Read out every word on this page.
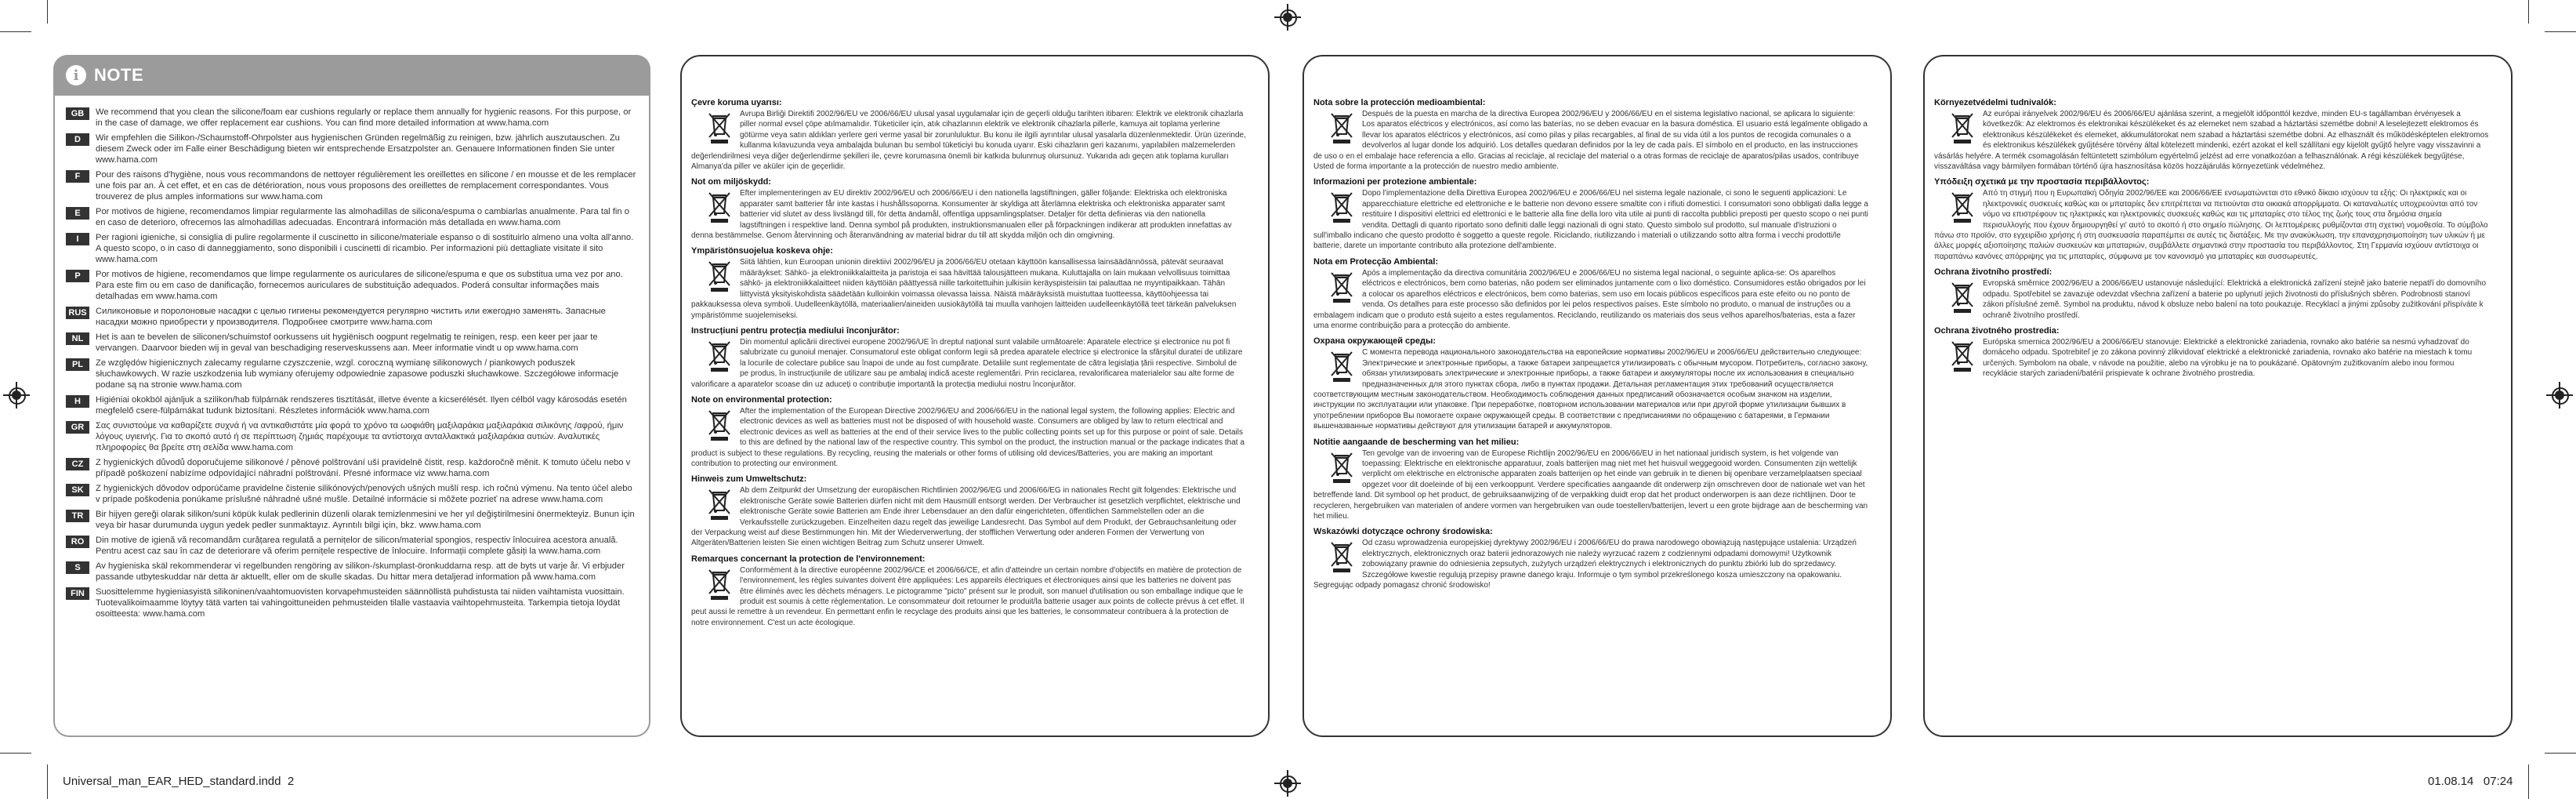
i NOTE
GB	We recommend that you clean the silicone/foam ear cushions regularly or replace them annually for hygienic reasons. For this purpose, or in the case of damage, we offer replacement ear cushions. You can find more detailed information at www.hama.com
D	Wir empfehlen die Silikon-/Schaumstoff-Ohrpolster aus hygienischen Gründen regelmäßig zu reinigen, bzw. jährlich auszutauschen. Zu diesem Zweck oder im Falle einer Beschädigung bieten wir entsprechende Ersatzpolster an. Genauere Informationen finden Sie unter www.hama.com
F	Pour des raisons d'hygiène, nous vous recommandons de nettoyer régulièrement les oreillettes en silicone / en mousse et de les remplacer une fois par an. À cet effet, et en cas de détérioration, nous vous proposons des oreillettes de remplacement correspondantes. Vous trouverez de plus amples informations sur www.hama.com
E	Por motivos de higiene, recomendamos limpiar regularmente las almohadillas de silicona/espuma o cambiarlas anualmente. Para tal fin o en caso de deterioro, ofrecemos las almohadillas adecuadas. Encontrará información más detallada en www.hama.com
I	Per ragioni igieniche, si consiglia di pulire regolarmente il cuscinetto in silicone/materiale espanso o di sostituirlo almeno una volta all'anno. A questo scopo, o in caso di danneggiamento, sono disponibili i cuscinetti di ricambio. Per informazioni più dettagliate visitate il sito www.hama.com
P	Por motivos de higiene, recomendamos que limpe regularmente os auriculares de silicone/espuma e que os substitua uma vez por ano. Para este fim ou em caso de danificação, fornecemos auriculares de substituição adequados. Poderá consultar informações mais detalhadas em www.hama.com
RUS	Силиконовые и поролоновые насадки с целью гигиены рекомендуется регулярно чистить или ежегодно заменять. Запасные насадки можно приобрести у производителя. Подробнее смотрите www.hama.com
NL	Het is aan te bevelen de siliconen/schuimstof oorkussens uit hygiënisch oogpunt regelmatig te reinigen, resp. een keer per jaar te vervangen. Daarvoor bieden wij in geval van beschadiging reserveskussens aan. Meer informatie vindt u op www.hama.com
PL	Ze względów higienicznych zalecamy regularne czyszczenie, wzgl. coroczną wymianę silikonowych / piankowych poduszek słuchawkowych. W razie uszkodzenia lub wymiany oferujemy odpowiednie zapasowe poduszki słuchawkowe. Szczegółowe informacje podane są na stronie www.hama.com
H	Higiéniai okokból ajánljuk a szilikon/hab fülpárnák rendszeres tisztítását, illetve évente a kicserélését. Ilyen célból vagy károsodás esetén megfelelő csere-fülpárnákat tudunk biztosítani. Részletes információk www.hama.com
GR	Σας συνιστούμε να καθαρίζετε συχνά ή να αντικαθιστάτε μία φορά το χρόνο τα ωοφιάθη μαξιλαράκια μαξιλαράκια σιλικόνης /αφρού, ήμιν λόγους υγιεινής. Για το σκοπό αυτό ή σε περίπτωση ζημιάς παρέχουμε τα αντίστοιχα ανταλλακτικά μαξιλαράκια αυτιών. Αναλυτικές πληροφορίες θα βρείτε στη σελίδα www.hama.com
CZ	Z hygienických důvodů doporučujeme silikonové / pěnové polštrování uší pravidelně čistit, resp. každoročně měnit. K tomuto účelu nebo v případě poškození nabízíme odpovídající náhradní polštrování. Přesné informace viz www.hama.com
SK	Z hygienických dôvodov odporúčame pravidelne čistenie silikónových/penových ušných mušlí resp. ich ročnú výmenu. Na tento účel alebo v prípade poškodenia ponúkame príslušné náhradné ušné mušle. Detailné informácie si môžete pozrieť na adrese www.hama.com
TR	Bir hijyen gereği olarak silikon/suni köpük kulak pedlerinin düzenli olarak temizlenmesini ve her yıl değiştirilmesini önermekteyiz. Bunun için veya bir hasar durumunda uygun yedek pedler sunmaktayız. Ayrıntılı bilgi için, bkz. www.hama.com
RO	Din motive de igienă vă recomandăm curățarea regulată a pernițelor de silicon/material spongios, respectiv înlocuirea acestora anuală. Pentru acest caz sau în caz de deteriorare vă oferim pernițele respective de înlocuire. Informații complete găsiți la www.hama.com
S	Av hygieniska skäl rekommenderar vi regelbunden rengöring av silikon-/skumplast-öronkuddarna resp. att de byts ut varje år. Vi erbjuder passande utbyteskuddar när detta är aktuellt, eller om de skulle skadas. Du hittar mera detaljerad information på www.hama.com
FIN	Suosittelemme hygieniasyistä silikoninen/vaahtomuovisten korvapehmusteiden säännöllistä puhdistusta tai niiden vaihtamista vuosittain. Tuotevalikoimaamme löytyy tätä varten tai vahingoittuneiden pehmusteiden tilalle vastaavia vaihtopehmusteita. Tarkempia tietoja löydät osoitteesta: www.hama.com
Çevre koruma uyarısı:
Avrupa Birliği Direktifi 2002/96/EU ve 2006/66/EU ulusal yasal uygulamalar için de geçerli olduğu tarihten itibaren: Elektrik ve elektronik cihazlarla piller normal evsel çöpe atılmamalıdır. Tüketiciler için, atık cihazlarının elektrik ve elektronik cihazlarla pillerle, kamuya ait toplama yerlerine götürme veya satın aldıkları yerlere geri verme yasal bir zorunluluktur. Bu konu ile ilgili ayrıntılar ulusal yasalarla düzenlenmektedir. Ürün üzerinde, kullanma kılavuzunda veya ambalajda bulunan bu sembol tüketiciyi bu konuda uyarır. Eski cihazların geri kazanımı, yapılabilen malzemelerden değerlendirilmesi veya diğer değerlendirme şekilleri ile, çevre korumasına önemli bir katkıda bulunmuş olursunuz. Yukarıda adı geçen atık toplama kurulları Almanya'da piller ve aküler için de geçerlidir.
Not om miljöskydd:
Efter implementeringen av EU direktiv 2002/96/EU och 2006/66/EU i den nationella lagstiftningen, gäller följande: Elektriska och elektroniska apparater samt batterier får inte kastas i hushållssoporna. Konsumenter är skyldiga att återlämna elektriska och elektroniska apparater samt batterier vid slutet av dess livslängd till, för detta ändamål, offentliga uppsamlingsplatser. Detaljer för detta definieras via den nationella lagstiftningen i respektive land. Denna symbol på produkten, instruktionsmanualen eller på förpackningen indikerar att produkten innefattas av denna bestämmelse. Genom återvinning och återanvändning av material bidrar du till att skydda miljön och din omgivning.
Ympäristönsuojelua koskeva ohje:
Siitä lähtien, kun Euroopan unionin direktiivi 2002/96/EU ja 2006/66/EU otetaan käyttöön kansallisessa lainsäädännössä, pätevät seuraavat määräykset: Sähkö- ja elektroniikkalaitteita ja paristoja ei saa hävittää talousjätteen mukana. Kuluttajalla on lain mukaan velvollisuus toimittaa sähkö- ja elektroniikkalaitteet niiden käyttöiän päättyessä niille tarkoitettuihin julkisiin keräyspisteisiin tai palauttaa ne myyntipaikkaan. Tähän liittyvistä yksityiskohdista säädetään kulloinkin voimassa olevassa laissa. Näistä määräyksistä muistuttaa tuotteessa, käyttöohjeessa tai pakkauksessa oleva symboli. Uudelleenkäytöllä, materiaalien/aineiden uusiokäytöllä tai muulla vanhojen laitteiden uudelleenkäytöllä teet tärkeän palveluksen ympäristömme suojelemiseksi.
Instrucțiuni pentru protecția mediului înconjurător:
Din momentul aplicării directivei europene 2002/96/UE în dreptul național sunt valabile următoarele: Aparatele electrice și electronice nu pot fi salubrizate cu gunoiul menajer. Consumatorul este obligat conform legii să predea aparatele electrice și electronice la sfârșitul duratei de utilizare la locurile de colectare publice sau înapoi de unde au fost cumpărate. Detaliile sunt reglementate de cătra legislația țării respective. Simbolul de pe produs, în instrucțiunile de utilizare sau pe ambalaj indică aceste reglementări. Prin reciclarea, revalorificarea materialelor sau alte forme de valorificare a aparatelor scoase din uz aduceți o contribuție importantă la protecția mediului nostru înconjurător.
Note on environmental protection:
After the implementation of the European Directive 2002/96/EU and 2006/66/EU in the national legal system, the following applies: Electric and electronic devices as well as batteries must not be disposed of with household waste. Consumers are obliged by law to return electrical and electronic devices as well as batteries at the end of their service lives to the public collecting points set up for this purpose or point of sale. Details to this are defined by the national law of the respective country. This symbol on the product, the instruction manual or the package indicates that a product is subject to these regulations. By recycling, reusing the materials or other forms of utilising old devices/Batteries, you are making an important contribution to protecting our environment.
Hinweis zum Umweltschutz:
Ab dem Zeitpunkt der Umsetzung der europäischen Richtlinien 2002/96/EG und 2006/66/EG in nationales Recht gilt folgendes: Elektrische und elektronische Geräte sowie Batterien dürfen nicht mit dem Hausmüll entsorgt werden. Der Verbraucher ist gesetzlich verpflichtet, elektrische und elektronische Geräte sowie Batterien am Ende ihrer Lebensdauer an den dafür eingerichteten, öffentlichen Sammelstellen oder an die Verkaufsstelle zurückzugeben. Einzelheiten dazu regelt das jeweilige Landesrecht. Das Symbol auf dem Produkt, der Gebrauchsanleitung oder der Verpackung weist auf diese Bestimmungen hin. Mit der Wiederverwertung, der stofflichen Verwertung oder anderen Formen der Verwertung von Altgeräten/Batterien leisten Sie einen wichtigen Beitrag zum Schutz unserer Umwelt.
Remarques concernant la protection de l'environnement:
Conformément à la directive européenne 2002/96/CE et 2006/66/CE, et afin d'atteindre un certain nombre d'objectifs en matière de protection de l'environnement, les règles suivantes doivent être appliquées: Les appareils électriques et électroniques ainsi que les batteries ne doivent pas être éliminés avec les déchets ménagers. Le pictogramme "picto" présent sur le produit, son manuel d'utilisation ou son emballage indique que le produit est soumis à cette réglementation. Le consommateur doit retourner le produit/la batterie usager aux points de collecte prévus à cet effet. Il peut aussi le remettre à un revendeur. En permettant enfin le recyclage des produits ainsi que les batteries, le consommateur contribuera à la protection de notre environnement. C'est un acte écologique.
Nota sobre la protección medioambiental:
Después de la puesta en marcha de la directiva Europea 2002/96/EU y 2006/66/EU en el sistema legislativo nacional, se aplicara lo siguiente: Los aparatos eléctricos y electrónicos, así como las baterías, no se deben evacuar en la basura doméstica. El usuario está legalmente obligado a llevar los aparatos eléctricos y electrónicos, así como pilas y pilas recargables, al final de su vida útil a los puntos de recogida comunales o a devolverlos al lugar donde los adquirió. Los detalles quedaran definidos por la ley de cada país. El símbolo en el producto, en las instrucciones de uso o en el embalaje hace referencia a ello. Gracias al reciclaje, al reciclaje del material o a otras formas de reciclaje de aparatos/pilas usados, contribuye Usted de forma importante a la protección de nuestro medio ambiente.
Informazioni per protezione ambientale:
Dopo l'implementazione della Direttiva Europea 2002/96/EU e 2006/66/EU nel sistema legale nazionale, ci sono le seguenti applicazioni: Le apparecchiature elettriche ed elettroniche e le batterie non devono essere smaltite con i rifiuti domestici. I consumatori sono obbligati dalla legge a restituire I dispositivi elettrici ed elettronici e le batterie alla fine della loro vita utile ai punti di raccolta pubblici preposti per questo scopo o nei punti vendita. Dettagli di quanto riportato sono definiti dalle leggi nazionali di ogni stato. Questo simbolo sul prodotto, sul manuale d'istruzioni o sull'imballo indicano che questo prodotto è soggetto a queste regole. Riciclando, riutilizzando i materiali o utilizzando sotto altra forma i vecchi prodotti/le batterie, darete un importante contributo alla protezione dell'ambiente.
Nota em Protecção Ambiental:
Após a implementação da directiva comunitária 2002/96/EU e 2006/66/EU no sistema legal nacional, o seguinte aplica-se: Os aparelhos eléctricos e electrónicos, bem como baterias, não podem ser eliminados juntamente com o lixo doméstico. Consumidores estão obrigados por lei a colocar os aparelhos eléctricos e electrónicos, bem como baterias, sem uso em locais públicos específicos para este efeito ou no ponto de venda. Os detalhes para este processo são definidos por lei pelos respectivos países. Este símbolo no produto, o manual de instruções ou a embalagem indicam que o produto está sujeito a estes regulamentos. Reciclando, reutilizando os materiais dos seus velhos aparelhos/baterias, esta a fazer uma enorme contribuição para a protecção do ambiente.
Охрана окружающей среды:
С момента перевода национального законодательства на европейские нормативы 2002/96/EU и 2006/66/EU действительно следующее: Электрические и электронные приборы, а также батареи запрещается утилизировать с обычным мусором. Потребитель, согласно закону, обязан утилизировать электрические и электронные приборы, а также батареи и аккумуляторы после их использования в специально предназначенных для этого пунктах сбора, либо в пунктах продажи. Детальная регламентация этих требований осуществляется соответствующим местным законодательством. Необходимость соблюдения данных предписаний обозначается особым значком на изделии, инструкции по эксплуатации или упаковке. При переработке, повторном использовании материалов или при другой форме утилизации бывших в употреблении приборов Вы помогаете охране окружающей среды. В соответствии с предписаниями по обращению с батареями, в Германии вышеназванные нормативы действуют для утилизации батарей и аккумуляторов.
Notitie aangaande de bescherming van het milieu:
Ten gevolge van de invoering van de Europese Richtlijn 2002/96/EU en 2006/66/EU in het nationaal juridisch system, is het volgende van toepassing: Elektrische en elektronische apparatuur, zoals batterijen mag niet met het huisvuil weggegooid worden. Consumenten zijn wettelijk verplicht om elektrische en elctronische apparaten zoals batterijen op het einde van gebruik in te dienen bij openbare verzamelplaatsen speciaal opgezet voor dit doeleinde of bij een verkooppunt. Verdere specificaties aangaande dit onderwerp zijn omschreven door de nationale wet van het betreffende land. Dit symbool op het product, de gebruiksaanwijzing of de verpakking duidt erop dat het product onderworpen is aan deze richtlijnen. Door te recycleren, hergebruiken van materialen of andere vormen van hergebruiken van oude toestellen/batterijen, levert u een grote bijdrage aan de bescherming van het milieu.
Wskazówki dotyczące ochrony środowiska:
Od czasu wprowadzenia europejskiej dyrektywy 2002/96/EU i 2006/66/EU do prawa narodowego obowiązują następujące ustalenia: Urządzeń elektrycznych, elektronicznych oraz baterii jednorazowych nie należy wyrzucać razem z codziennymi odpadami domowymi! Użytkownik zobowiązany prawnie do odniesienia zepsutych, zużytych urządzeń elektrycznych i elektronicznych do punktu zbiórki lub do sprzedawcy. Szczegółowe kwestie regulują przepisy prawne danego kraju. Informuje o tym symbol przekreślonego kosza umieszczony na opakowaniu. Segregując odpady pomagasz chronić środowisko!
Környezetvédelmi tudnivalók:
Az európai irányelvek 2002/96/EU és 2006/66/EU ajánlása szerint, a megjelölt időponttól kezdve, minden EU-s tagállamban érvényesek a következők: Az elektromos és elektronikai készülékeket és az elemeket nem szabad a háztartási szemétbe dobni! A leselejtezett elektromos és elektronikus készülékeket és elemeket, akkumulátorokat nem szabad a háztartási szemétbe dobni. Az elhasznált és működésképtelen elektromos és elektronikus készülékek gyűjtésére törvény által kötelezett mindenki, ezért azokat el kell szállítani egy kijelölt gyűjtő helyre vagy visszavinni a vásárlás helyére. A termék csomagolásán feltüntetett szimbólum egyértelmű jelzést ad erre vonatkozóan a felhasználónak. A régi készülékek begyűjtése, visszaváltása vagy bármilyen formában történő újra hasznosítása közös hozzájárulás környezetünk védelméhez.
Υπόδειξη σχετικά με την προστασία περιβάλλοντος:
Από τη στιγμή που η Ευρωπαϊκή Οδηγία 2002/96/ΕΕ και 2006/66/ΕΕ ενσωματώνεται στο εθνικό δίκαιο ισχύουν τα εξής: Οι ηλεκτρικές και οι ηλεκτρονικές συσκευές καθώς και οι μπαταρίες δεν επιτρέπεται να πετιούνται στα οικιακά απορρίμματα. Οι καταναλωτές υποχρεούνται από τον νόμο να επιστρέφουν τις ηλεκτρικές και ηλεκτρονικές συσκευές καθώς και τις μπαταρίες στο τέλος της ζωής τους στα δημόσια σημεία περισυλλογής που έχουν δημιουργηθεί γι' αυτό το σκοπό ή στο σημείο πώλησης. Οι λεπτομέρειες ρυθμίζονται στη σχετική νομοθεσία. Το σύμβολο πάνω στο προϊόν, στο εγχειρίδιο χρήσης ή στη συσκευασία παραπέμπει σε αυτές τις διατάξεις. Με την ανακύκλωση, την επαναχρησιμοποίηση των υλικών ή με άλλες μορφές αξιοποίησης παλιών συσκευών και μπαταριών, συμβάλλετε σημαντικά στην προστασία του περιβάλλοντος. Στη Γερμανία ισχύουν αντίστοιχα οι παραπάνω κανόνες απόρριψης για τις μπαταρίες, σύμφωνα με τον κανονισμό για μπαταρίες και συσσωρευτές.
Ochrana životního prostředí:
Evropská směrnice 2002/96/EU a 2006/66/EU ustanovuje následující: Elektrická a elektronická zařízení stejně jako baterie nepatří do domovního odpadu. Spotřebitel se zavazuje odevzdat všechna zařízení a baterie po uplynutí jejich životnosti do příslušných sběren. Podrobnosti stanoví zákon příslušné země. Symbol na produktu, návod k obsluze nebo balení na toto poukazuje. Recyklací a jinými způsoby zužitkování přispíváte k ochraně životního prostředí.
Ochrana životného prostredia:
Európska smernica 2002/96/EU a 2006/66/EU stanovuje: Elektrické a elektronické zariadenia, rovnako ako batérie sa nesmú vyhadzovať do domáceho odpadu. Spotrebiteľ je zo zákona povinný zlikvidovať elektrické a elektronické zariadenia, rovnako ako batérie na miestach k tomu určených. Symbolom na obale, v návode na použitie, alebo na výrobku je na to poukázané. Opätovným zužitkovaním alebo inou formou recyklácie starých zariadení/batérií prispievate k ochrane životného prostredia.
Universal_man_EAR_HED_standard.indd 2	01.08.14 07:24
